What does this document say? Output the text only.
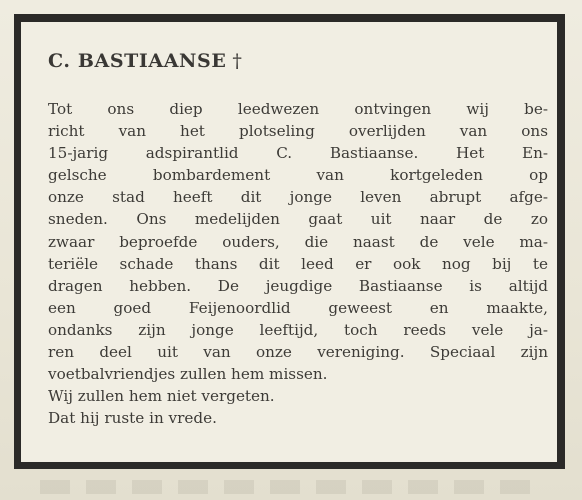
C. BASTIAANSE †
Tot ons diep leedwezen ontvingen wij be-
richt van het plotseling overlijden van ons
15-jarig adspirantlid C. Bastiaanse. Het En-
gelsche bombardement van kortgeleden op
onze stad heeft dit jonge leven abrupt afge-
sneden. Ons medelijden gaat uit naar de zo
zwaar beproefde ouders, die naast de vele ma-
teriële schade thans dit leed er ook nog bij te
dragen hebben. De jeugdige Bastiaanse is altijd
een goed Feijenoordlid geweest en maakte,
ondanks zijn jonge leeftijd, toch reeds vele ja-
ren deel uit van onze vereniging. Speciaal zijn
voetbalvriendjes zullen hem missen.
Wij zullen hem niet vergeten.
Dat hij ruste in vrede.
